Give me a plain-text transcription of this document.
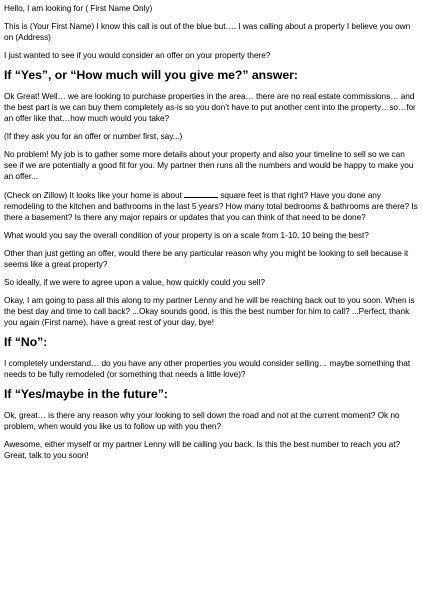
Hello, I am looking for ( First Name Only)

This is (Your First Name) I know this call is out of the blue but…. I was calling about a property I believe you own on (Address)

I just wanted to see if you would consider an offer on your property there?

If “Yes”, or “How much will you give me?” answer:

Ok Great! Well… we are looking to purchase properties in the area… there are no real estate commissions… and the best part is we can buy them completely as-is so you don’t have to put another cent into the property…so…for an offer like that…how much would you take?

(If they ask you for an offer or number first, say...)

No problem! My job is to gather some more details about your property and also your timeline to sell so we can see if we are potentially a good fit for you. My partner then runs all the numbers and would be happy to make you an offer...

(Check on Zillow) It looks like your home is about	square feet is that right? Have you done any remodeling to the kitchen and bathrooms in the last 5 years? How many total bedrooms & bathrooms are there? Is there a basement? Is there any major repairs or updates that you can think of that need to be done?

What would you say the overall condition of your property is on a scale from 1-10, 10 being the best?

Other than just getting an offer, would there be any particular reason why you might be looking to sell because it seems like a great property?

So ideally, if we were to agree upon a value, how quickly could you sell?

Okay, I am going to pass all this along to my partner Lenny and he will be reaching back out to you soon. When is the best day and time to call back? ...Okay sounds good, is this the best number for him to call? ...Perfect, thank you again (First name), have a great rest of your day, bye!

If “No”:

I completely understand… do you have any other properties you would consider selling… maybe something that needs to be fully remodeled (or something that needs a little love)?

If “Yes/maybe in the future”:

Ok, great… is there any reason why your looking to sell down the road and not at the current moment? Ok no problem, when would you like us to follow up with you then?

Awesome, either myself or my partner Lenny will be calling you back. Is this the best number to reach you at? Great, talk to you soon!
